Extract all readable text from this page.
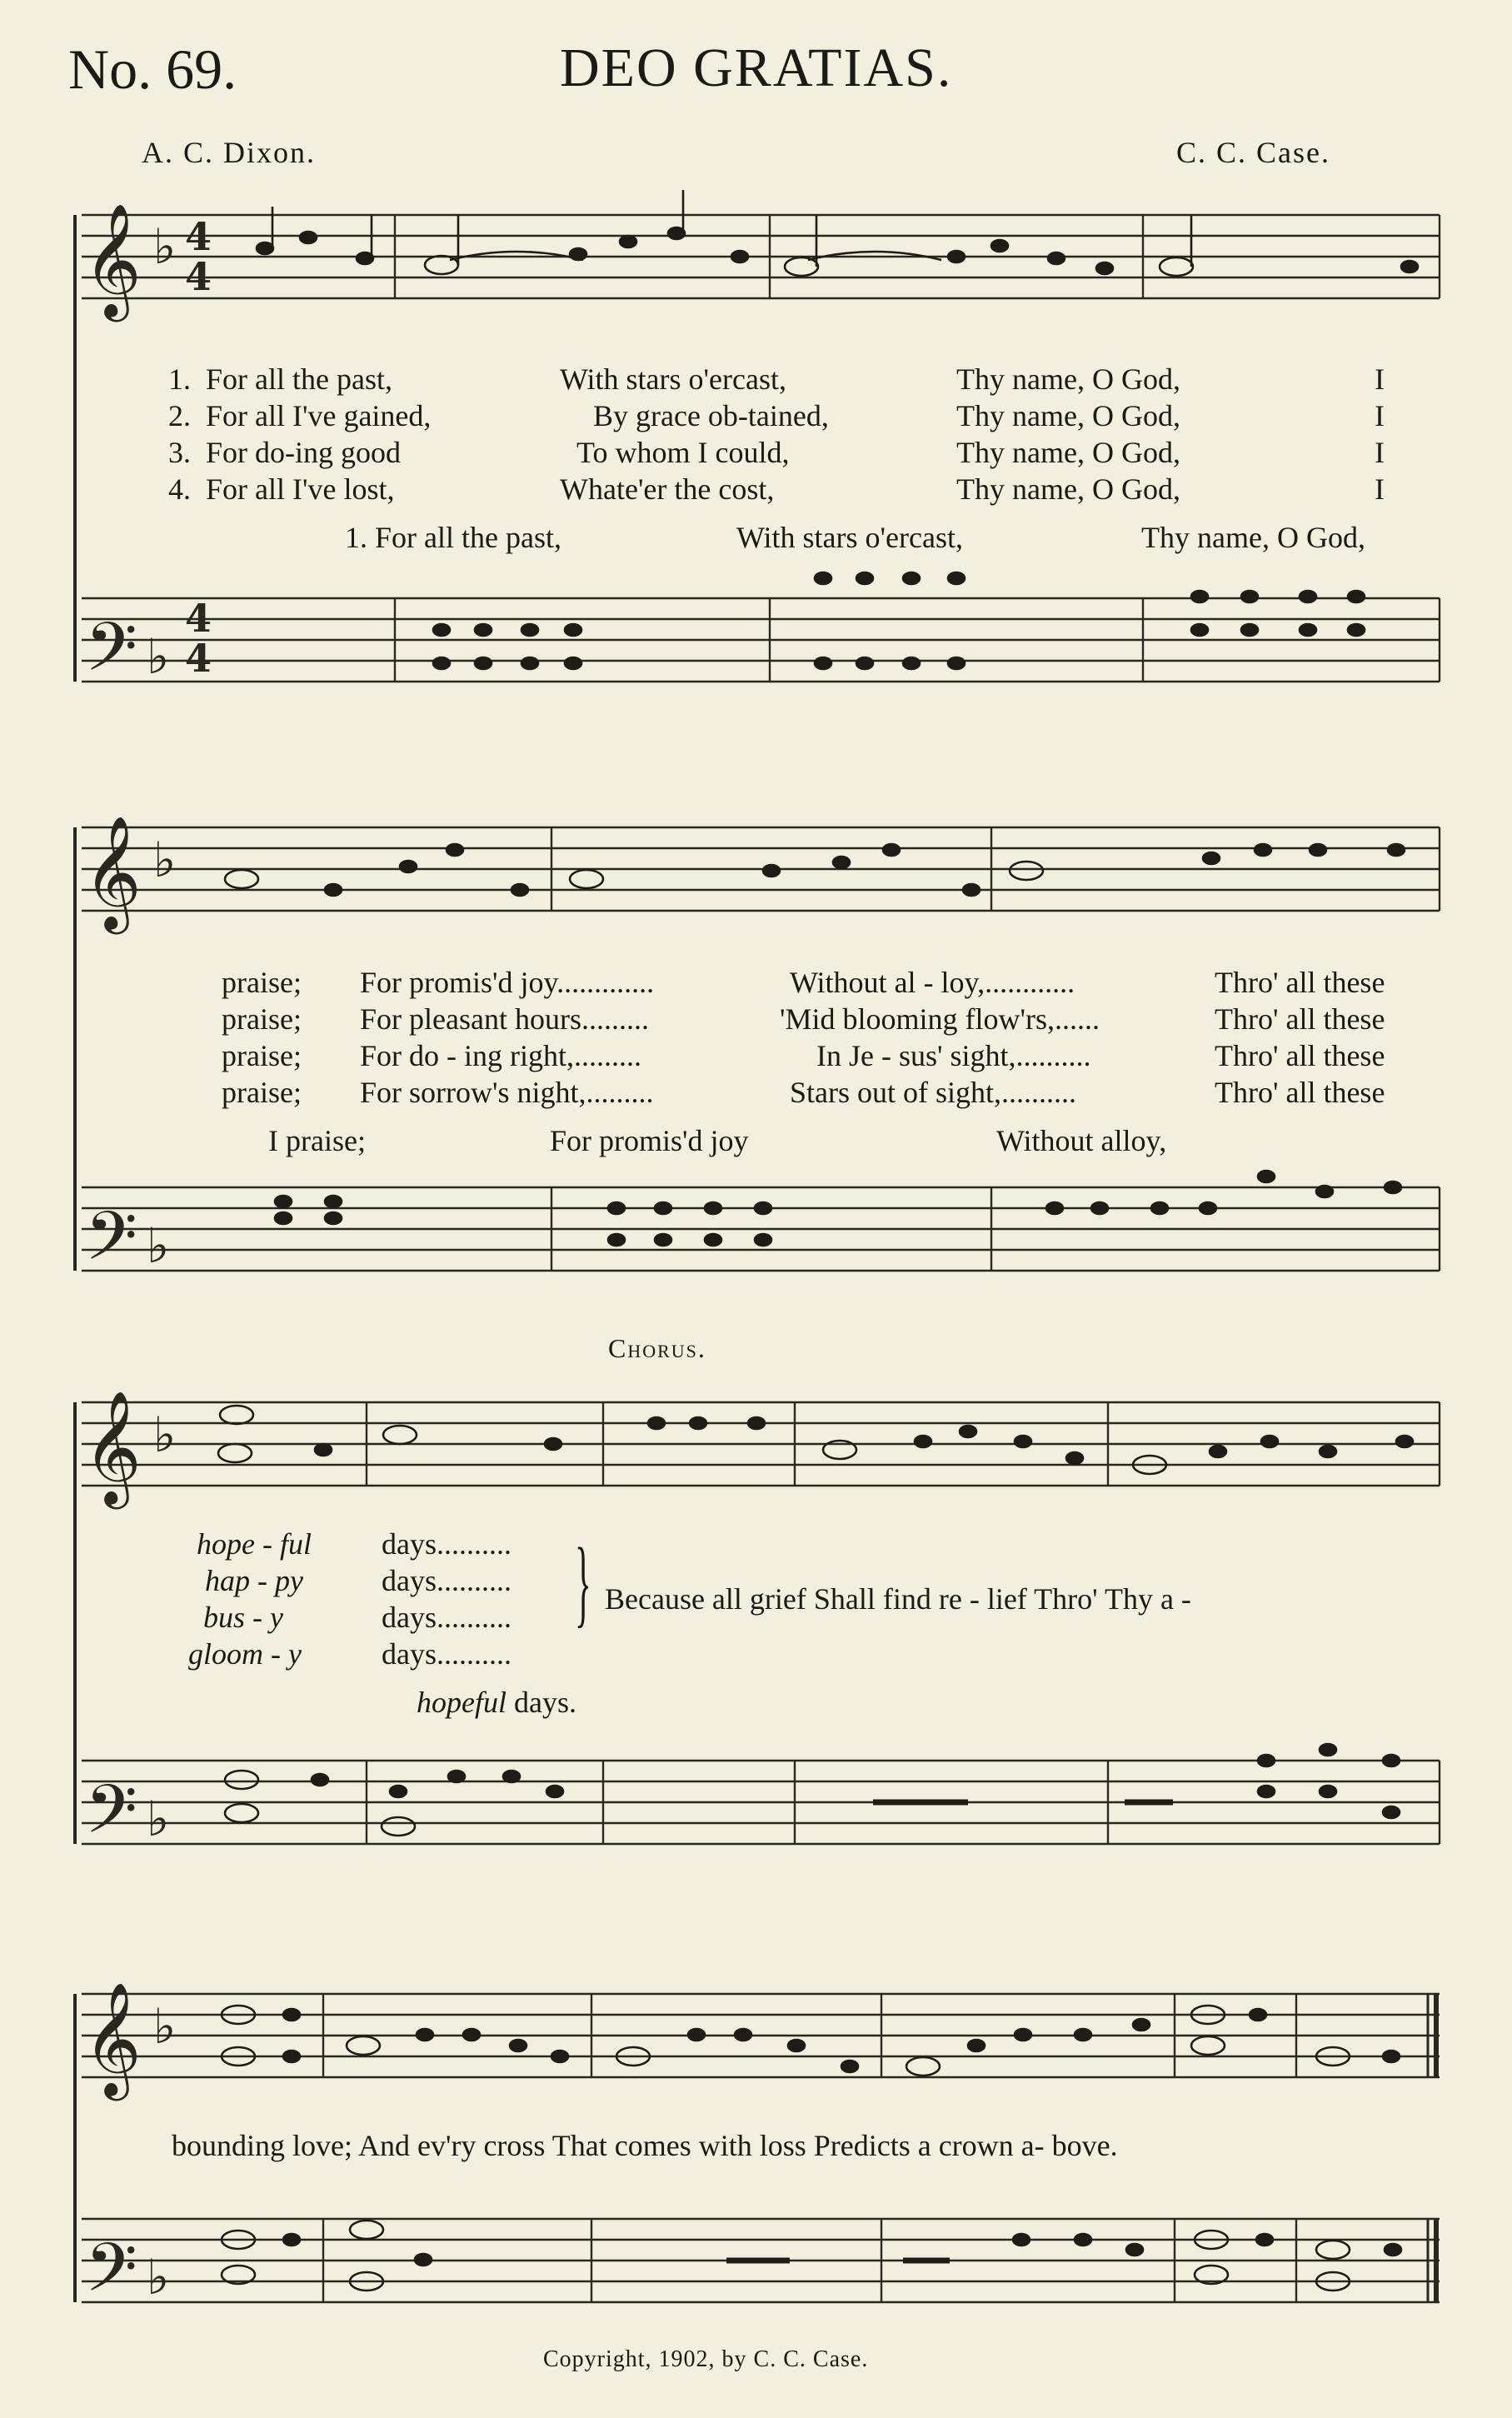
No. 69.	DEO GRATIAS.
A. C. Dixon.	C. C. Case.
𝄞 ♭ 4
4
𝄢 ♭
4
4
𝄞 ♭
𝄢 ♭
𝄞 ♭
𝄢 ♭
𝄞 ♭
𝄢 ♭
1. For all the past,	With stars o'ercast,	Thy name, O God,	I
2. For all I've gained,	By grace ob-tained,	Thy name, O God,	I
3. For do-ing good	To whom I could,	Thy name, O God,	I
4. For all I've lost,	Whate'er the cost,	Thy name, O God,	I
1. For all the past,	With stars o'ercast,	Thy name, O God,
praise; For promis'd joy.............	Without al - loy,............	Thro' all these
praise; For pleasant hours.........	'Mid blooming flow'rs,......	Thro' all these
praise; For do - ing right,.........	In Je - sus' sight,..........	Thro' all these
praise; For sorrow's night,.........	Stars out of sight,..........	Thro' all these
I praise;	For promis'd joy	Without alloy,
Chorus.
hope - ful days..........
hap - py	days..........
bus - y	days..........
gloom - y	days..........
} Because all grief Shall find re - lief Thro' Thy a -
hopeful days.
bounding love; And ev'ry cross That comes with loss Predicts a crown a- bove.
Copyright, 1902, by C. C. Case.
